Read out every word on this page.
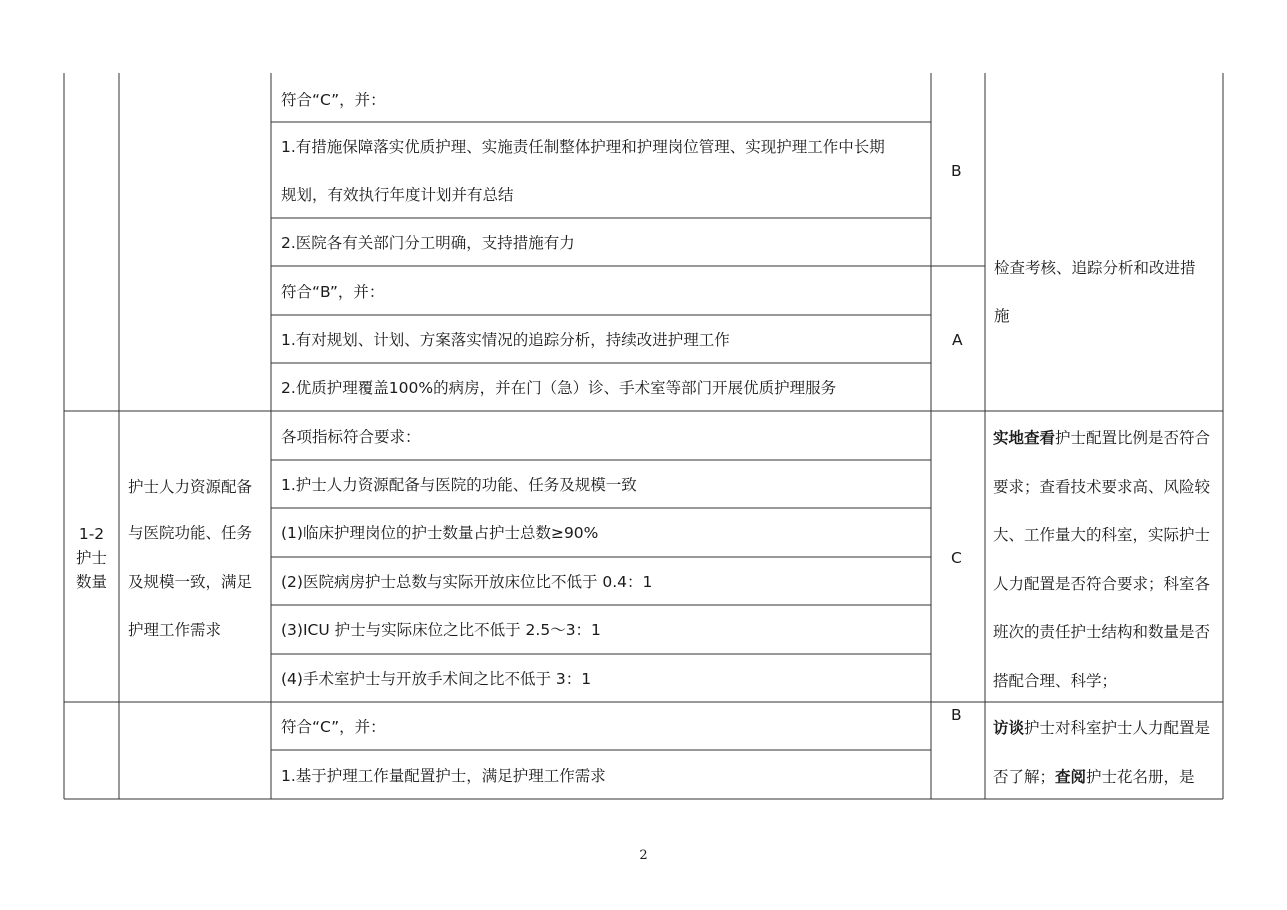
符合“C”，并：
1.有措施保障落实优质护理、实施责任制整体护理和护理岗位管理、实现护理工作中长期
规划，有效执行年度计划并有总结
2.医院各有关部门分工明确，支持措施有力
符合“B”，并：
1.有对规划、计划、方案落实情况的追踪分析，持续改进护理工作
2.优质护理覆盖100%的病房，并在门（急）诊、手术室等部门开展优质护理服务
B
A
检查考核、追踪分析和改进措
施
1-2
护士
数量
护士人力资源配备
与医院功能、任务
及规模一致，满足
护理工作需求
各项指标符合要求：
1.护士人力资源配备与医院的功能、任务及规模一致
(1)临床护理岗位的护士数量占护士总数≥90%
(2)医院病房护士总数与实际开放床位比不低于 0.4：1
(3)ICU 护士与实际床位之比不低于 2.5～3：1
(4)手术室护士与开放手术间之比不低于 3：1
符合“C”，并：
1.基于护理工作量配置护士，满足护理工作需求
C
B
实地查看护士配置比例是否符合要求；查看技术要求高、风险较大、工作量大的科室，实际护士人力配置是否符合要求；科室各班次的责任护士结构和数量是否搭配合理、科学；
访谈护士对科室护士人力配置是否了解；查阅护士花名册，是
2
